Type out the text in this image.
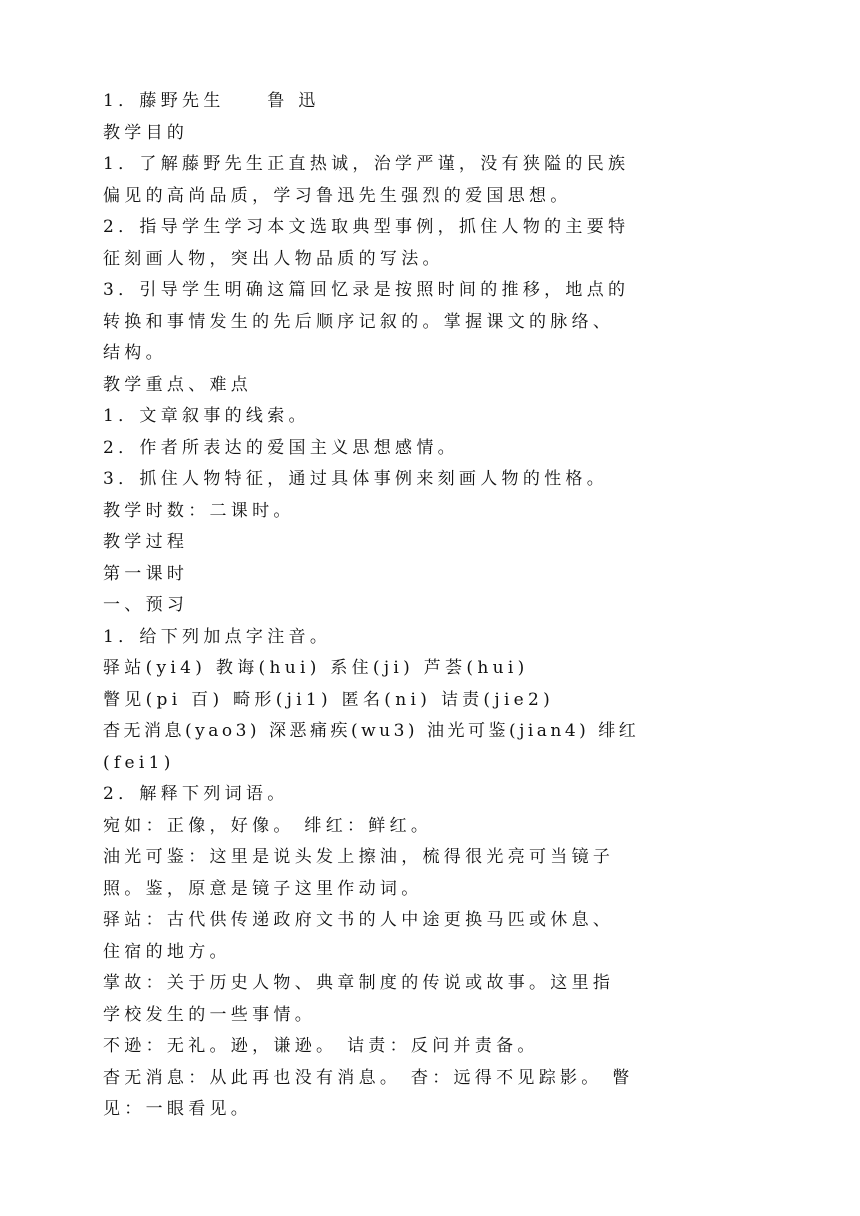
1．藤野先生　　鲁 迅
教学目的
1．了解藤野先生正直热诚，治学严谨，没有狭隘的民族
偏见的高尚品质，学习鲁迅先生强烈的爱国思想。
2．指导学生学习本文选取典型事例，抓住人物的主要特
征刻画人物，突出人物品质的写法。
3．引导学生明确这篇回忆录是按照时间的推移，地点的
转换和事情发生的先后顺序记叙的。掌握课文的脉络、
结构。
教学重点、难点
1．文章叙事的线索。
2．作者所表达的爱国主义思想感情。
3．抓住人物特征，通过具体事例来刻画人物的性格。
教学时数：二课时。
教学过程
第一课时
一、预习
1．给下列加点字注音。
驿站(yi4) 教诲(hui) 系住(ji) 芦荟(hui)
瞥见(pi 百) 畸形(ji1) 匿名(ni) 诘责(jie2)
杳无消息(yao3) 深恶痛疾(wu3) 油光可鉴(jian4) 绯红
(fei1)
2．解释下列词语。
宛如：正像，好像。 绯红：鲜红。
油光可鉴：这里是说头发上擦油，梳得很光亮可当镜子
照。鉴，原意是镜子这里作动词。
驿站：古代供传递政府文书的人中途更换马匹或休息、
住宿的地方。
掌故：关于历史人物、典章制度的传说或故事。这里指
学校发生的一些事情。
不逊：无礼。逊，谦逊。 诘责：反问并责备。
杳无消息：从此再也没有消息。 杳：远得不见踪影。 瞥
见：一眼看见。
